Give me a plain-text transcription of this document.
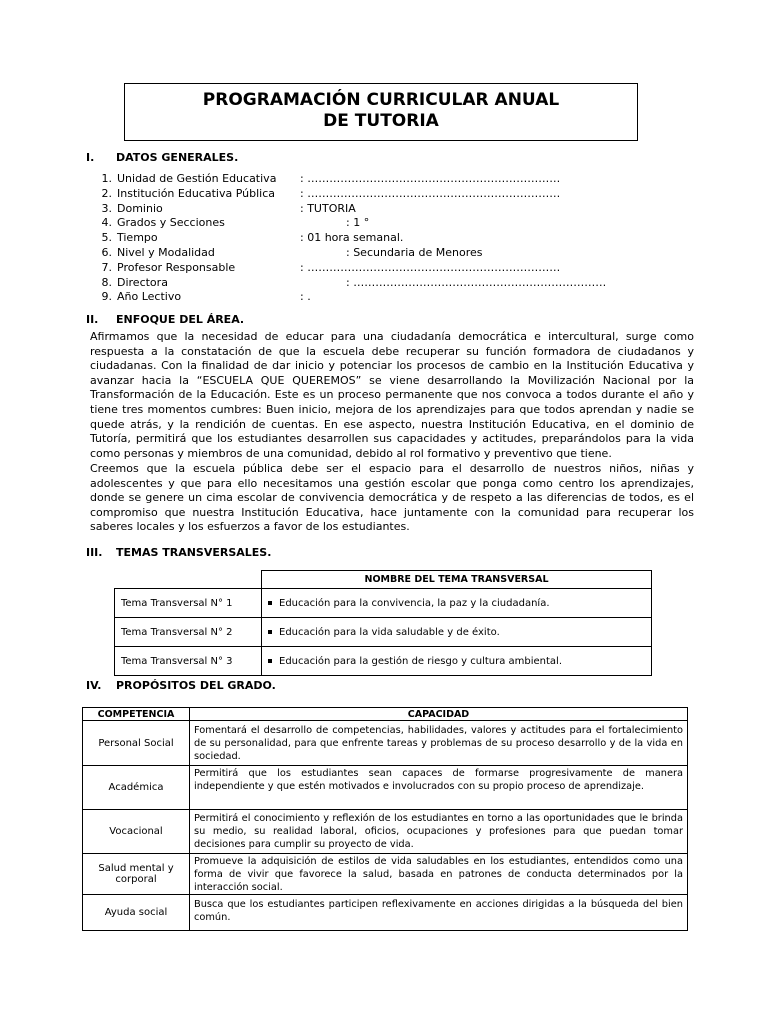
PROGRAMACIÓN CURRICULAR ANUAL
DE TUTORIA
I. DATOS GENERALES.
1. Unidad de Gestión Educativa : ……………………………………………………………
2. Institución Educativa Pública : ……………………………………………………………
3. Dominio	: TUTORIA
4. Grados y Secciones	: 1 °
5. Tiempo	: 01 hora semanal.
6. Nivel y Modalidad	: Secundaria de Menores
7. Profesor Responsable	: ……………………………………………………………
8. Directora	: ……………………………………………………………
9. Año Lectivo	: .
II. ENFOQUE DEL ÁREA.
Afirmamos que la necesidad de educar para una ciudadanía democrática e intercultural, surge como respuesta a la constatación de que la escuela debe recuperar su función formadora de ciudadanos y ciudadanas. Con la finalidad de dar inicio y potenciar los procesos de cambio en la Institución Educativa y avanzar hacia la “ESCUELA QUE QUEREMOS” se viene desarrollando la Movilización Nacional por la Transformación de la Educación. Este es un proceso permanente que nos convoca a todos durante el año y tiene tres momentos cumbres: Buen inicio, mejora de los aprendizajes para que todos aprendan y nadie se quede atrás, y la rendición de cuentas. En ese aspecto, nuestra Institución Educativa, en el dominio de Tutoría, permitirá que los estudiantes desarrollen sus capacidades y actitudes, preparándolos para la vida como personas y miembros de una comunidad, debido al rol formativo y preventivo que tiene.
Creemos que la escuela pública debe ser el espacio para el desarrollo de nuestros niños, niñas y adolescentes y que para ello necesitamos una gestión escolar que ponga como centro los aprendizajes, donde se genere un cima escolar de convivencia democrática y de respeto a las diferencias de todos, es el compromiso que nuestra Institución Educativa, hace juntamente con la comunidad para recuperar los saberes locales y los esfuerzos a favor de los estudiantes.
III. TEMAS TRANSVERSALES.
	NOMBRE DEL TEMA TRANSVERSAL
Tema Transversal N° 1	Educación para la convivencia, la paz y la ciudadanía.
Tema Transversal N° 2	Educación para la vida saludable y de éxito.
Tema Transversal N° 3	Educación para la gestión de riesgo y cultura ambiental.
IV. PROPÓSITOS DEL GRADO.
COMPETENCIA	CAPACIDAD
Personal Social	Fomentará el desarrollo de competencias, habilidades, valores y actitudes para el fortalecimiento de su personalidad, para que enfrente tareas y problemas de su proceso desarrollo y de la vida en sociedad.
Académica	Permitirá que los estudiantes sean capaces de formarse progresivamente de manera independiente y que estén motivados e involucrados con su propio proceso de aprendizaje.
Vocacional	Permitirá el conocimiento y reflexión de los estudiantes en torno a las oportunidades que le brinda su medio, su realidad laboral, oficios, ocupaciones y profesiones para que puedan tomar decisiones para cumplir su proyecto de vida.
Salud mental y corporal	Promueve la adquisición de estilos de vida saludables en los estudiantes, entendidos como una forma de vivir que favorece la salud, basada en patrones de conducta determinados por la interacción social.
Ayuda social	Busca que los estudiantes participen reflexivamente en acciones dirigidas a la búsqueda del bien común.
